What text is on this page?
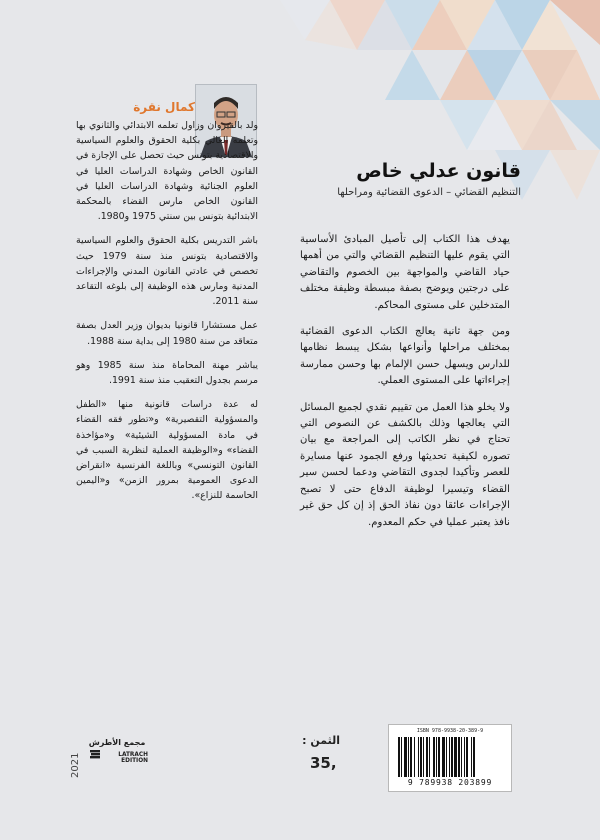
كمال نقرة

ولد بالقيروان وزاول تعلمه الابتدائي والثانوي بها وتعلمه العالي بكلية الحقوق والعلوم السياسية والاقتصادية بتونس حيث تحصل على الإجازة في القانون الخاص وشهادة الدراسات العليا في العلوم الجنائية وشهادة الدراسات العليا في القانون الخاص مارس القضاء بالمحكمة الابتدائية بتونس بين سنتي 1975 و1980.

باشر التدريس بكلية الحقوق والعلوم السياسية والاقتصادية بتونس منذ سنة 1979 حيث تخصص في عادتي القانون المدني والإجراءات المدنية ومارس هذه الوظيفة إلى بلوغه التقاعد سنة 2011.

عمل مستشارا قانونيا بديوان وزير العدل بصفة متعاقد من سنة 1980 إلى بداية سنة 1988.

يباشر مهنة المحاماة منذ سنة 1985 وهو مرسم بجدول التعقيب منذ سنة 1991.

له عدة دراسات قانونية منها «الطفل والمسؤولية التقصيرية» و«تطور فقه القضاء في مادة المسؤولية الشيئية» و«مؤاخذة القضاء» و«الوظيفة العملية لنظرية السبب في القانون التونسي» وباللغة الفرنسية «انقراض الدعوى العمومية بمرور الزمن» و«اليمين الحاسمة للنزاع».

قانون عدلي خاص
التنظيم القضائي – الدعوى القضائية ومراحلها

يهدف هذا الكتاب إلى تأصيل المبادئ الأساسية التي يقوم عليها التنظيم القضائي والتي من أهمها حياد القاضي والمواجهة بين الخصوم والتقاضي على درجتين ويوضح بصفة مبسطة وظيفة مختلف المتدخلين على مستوى المحاكم.

ومن جهة ثانية يعالج الكتاب الدعوى القضائية بمختلف مراحلها وأنواعها بشكل يبسط نظامها للدارس ويسهل حسن الإلمام بها وحسن ممارسة إجراءاتها على المستوى العملي.

ولا يخلو هذا العمل من تقييم نقدي لجميع المسائل التي يعالجها وذلك بالكشف عن النصوص التي تحتاج في نظر الكاتب إلى المراجعة مع بيان تصوره لكيفية تحديثها ورفع الجمود عنها مسايرة للعصر وتأكيدا لجدوى التقاضي ودعما لحسن سير القضاء وتيسيرا لوظيفة الدفاع حتى لا تصبح الإجراءات عائقا دون نفاذ الحق إذ إن كل حق غير نافذ يعتبر عمليا في حكم المعدوم.

2021
مجمع الأطرش
LATRACH EDITION
الثمن :
35,
ISBN 978-9938-20-389-9
9 789938 203899
